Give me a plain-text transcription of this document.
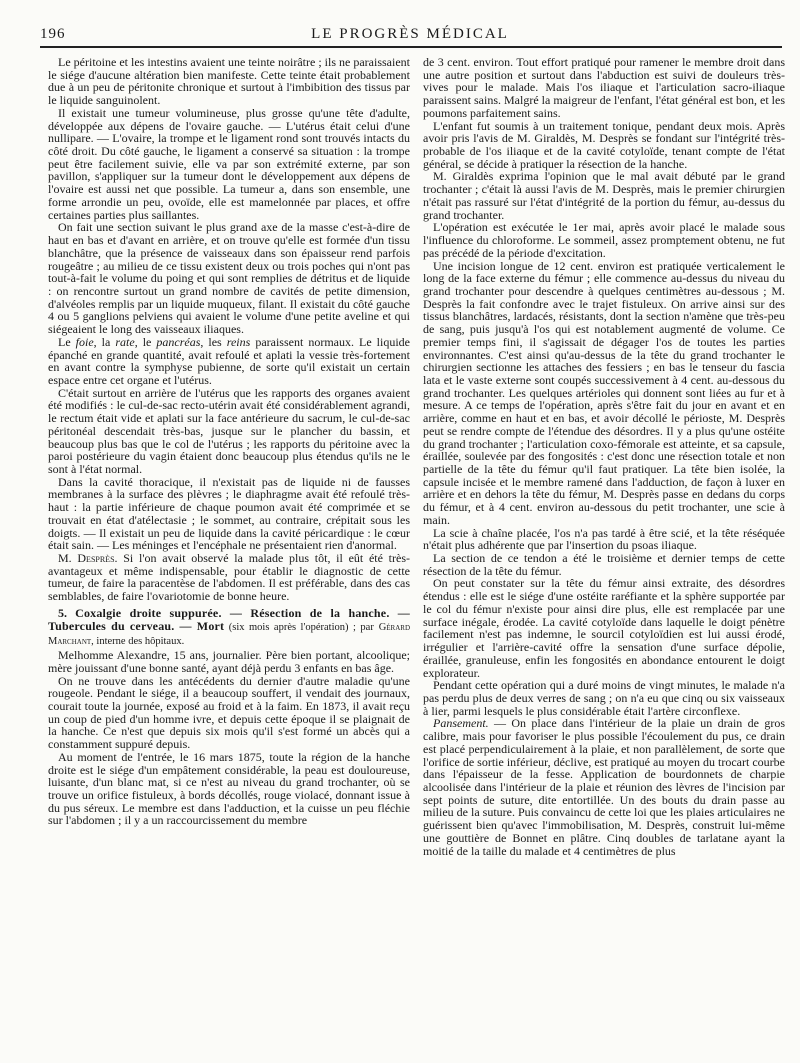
196	LE PROGRÈS MÉDICAL

Le péritoine et les intestins avaient une teinte noirâtre ; ils ne paraissaient le siége d'aucune altération bien manifeste. Cette teinte était probablement due à un peu de péritonite chronique et surtout à l'imbibition des tissus par le liquide sanguinolent.

Il existait une tumeur volumineuse, plus grosse qu'une tête d'adulte, développée aux dépens de l'ovaire gauche. — L'utérus était celui d'une nullipare. — L'ovaire, la trompe et le ligament rond sont trouvés intacts du côté droit. Du côté gauche, le ligament a conservé sa situation : la trompe peut être facilement suivie, elle va par son extrémité externe, par son pavillon, s'appliquer sur la tumeur dont le développement aux dépens de l'ovaire est aussi net que possible. La tumeur a, dans son ensemble, une forme arrondie un peu, ovoïde, elle est mamelonnée par places, et offre certaines parties plus saillantes.

On fait une section suivant le plus grand axe de la masse c'est-à-dire de haut en bas et d'avant en arrière, et on trouve qu'elle est formée d'un tissu blanchâtre, que la présence de vaisseaux dans son épaisseur rend parfois rougeâtre ; au milieu de ce tissu existent deux ou trois poches qui n'ont pas tout-à-fait le volume du poing et qui sont remplies de détritus et de liquide : on rencontre surtout un grand nombre de cavités de petite dimension, d'alvéoles remplis par un liquide muqueux, filant. Il existait du côté gauche 4 ou 5 ganglions pelviens qui avaient le volume d'une petite aveline et qui siégeaient le long des vaisseaux iliaques.

Le foie, la rate, le pancréas, les reins paraissent normaux. Le liquide épanché en grande quantité, avait refoulé et aplati la vessie très-fortement en avant contre la symphyse pubienne, de sorte qu'il existait un certain espace entre cet organe et l'utérus.

C'était surtout en arrière de l'utérus que les rapports des organes avaient été modifiés : le cul-de-sac recto-utérin avait été considérablement agrandi, le rectum était vide et aplati sur la face antérieure du sacrum, le cul-de-sac péritonéal descendait très-bas, jusque sur le plancher du bassin, et beaucoup plus bas que le col de l'utérus ; les rapports du péritoine avec la paroi postérieure du vagin étaient donc beaucoup plus étendus qu'ils ne le sont à l'état normal.

Dans la cavité thoracique, il n'existait pas de liquide ni de fausses membranes à la surface des plèvres ; le diaphragme avait été refoulé très-haut : la partie inférieure de chaque poumon avait été comprimée et se trouvait en état d'atélectasie ; le sommet, au contraire, crépitait sous les doigts. — Il existait un peu de liquide dans la cavité péricardique : le cœur était sain. — Les méninges et l'encéphale ne présentaient rien d'anormal.

M. Desprès. Si l'on avait observé la malade plus tôt, il eût été très-avantageux et même indispensable, pour établir le diagnostic de cette tumeur, de faire la paracentèse de l'abdomen. Il est préférable, dans des cas semblables, de faire l'ovariotomie de bonne heure.

5. Coxalgie droite suppurée. — Résection de la hanche. — Tubercules du cerveau. — Mort (six mois après l'opération) ; par Gérard Marchant, interne des hôpitaux.

Melhomme Alexandre, 15 ans, journalier. Père bien portant, alcoolique; mère jouissant d'une bonne santé, ayant déjà perdu 3 enfants en bas âge.

On ne trouve dans les antécédents du dernier d'autre maladie qu'une rougeole. Pendant le siége, il a beaucoup souffert, il vendait des journaux, courait toute la journée, exposé au froid et à la faim. En 1873, il avait reçu un coup de pied d'un homme ivre, et depuis cette époque il se plaignait de la hanche. Ce n'est que depuis six mois qu'il s'est formé un abcès qui a constamment suppuré depuis.

Au moment de l'entrée, le 16 mars 1875, toute la région de la hanche droite est le siége d'un empâtement considérable, la peau est douloureuse, luisante, d'un blanc mat, si ce n'est au niveau du grand trochanter, où se trouve un orifice fistuleux, à bords décollés, rouge violacé, donnant issue à du pus séreux. Le membre est dans l'adduction, et la cuisse un peu fléchie sur l'abdomen ; il y a un raccourcissement du membre

de 3 cent. environ. Tout effort pratiqué pour ramener le membre droit dans une autre position et surtout dans l'abduction est suivi de douleurs très-vives pour le malade. Mais l'os iliaque et l'articulation sacro-iliaque paraissent sains. Malgré la maigreur de l'enfant, l'état général est bon, et les poumons parfaitement sains.

L'enfant fut soumis à un traitement tonique, pendant deux mois. Après avoir pris l'avis de M. Giraldès, M. Desprès se fondant sur l'intégrité très-probable de l'os iliaque et de la cavité cotyloïde, tenant compte de l'état général, se décide à pratiquer la résection de la hanche.

M. Giraldès exprima l'opinion que le mal avait débuté par le grand trochanter ; c'était là aussi l'avis de M. Desprès, mais le premier chirurgien n'était pas rassuré sur l'état d'intégrité de la portion du fémur, au-dessus du grand trochanter.

L'opération est exécutée le 1er mai, après avoir placé le malade sous l'influence du chloroforme. Le sommeil, assez promptement obtenu, ne fut pas précédé de la période d'excitation.

Une incision longue de 12 cent. environ est pratiquée verticalement le long de la face externe du fémur ; elle commence au-dessus du niveau du grand trochanter pour descendre à quelques centimètres au-dessous ; M. Desprès la fait confondre avec le trajet fistuleux. On arrive ainsi sur des tissus blanchâtres, lardacés, résistants, dont la section n'amène que très-peu de sang, puis jusqu'à l'os qui est notablement augmenté de volume. Ce premier temps fini, il s'agissait de dégager l'os de toutes les parties environnantes. C'est ainsi qu'au-dessus de la tête du grand trochanter le chirurgien sectionne les attaches des fessiers ; en bas le tenseur du fascia lata et le vaste externe sont coupés successivement à 4 cent. au-dessous du grand trochanter. Les quelques artérioles qui donnent sont liées au fur et à mesure. A ce temps de l'opération, après s'être fait du jour en avant et en arrière, comme en haut et en bas, et avoir décollé le périoste, M. Desprès peut se rendre compte de l'étendue des désordres. Il y a plus qu'une ostéite du grand trochanter ; l'articulation coxo-fémorale est atteinte, et sa capsule, éraillée, soulevée par des fongosités : c'est donc une résection totale et non partielle de la tête du fémur qu'il faut pratiquer. La tête bien isolée, la capsule incisée et le membre ramené dans l'adduction, de façon à luxer en arrière et en dehors la tête du fémur, M. Desprès passe en dedans du corps du fémur, et à 4 cent. environ au-dessous du petit trochanter, une scie à main.

La scie à chaîne placée, l'os n'a pas tardé à être scié, et la tête réséquée n'était plus adhérente que par l'insertion du psoas iliaque.

La section de ce tendon a été le troisième et dernier temps de cette résection de la tête du fémur.

On peut constater sur la tête du fémur ainsi extraite, des désordres étendus : elle est le siége d'une ostéite raréfiante et la sphère supportée par le col du fémur n'existe pour ainsi dire plus, elle est remplacée par une surface inégale, érodée. La cavité cotyloïde dans laquelle le doigt pénètre facilement n'est pas indemne, le sourcil cotyloïdien est lui aussi érodé, irrégulier et l'arrière-cavité offre la sensation d'une surface dépolie, éraillée, granuleuse, enfin les fongosités en abondance entourent le doigt explorateur.

Pendant cette opération qui a duré moins de vingt minutes, le malade n'a pas perdu plus de deux verres de sang ; on n'a eu que cinq ou six vaisseaux à lier, parmi lesquels le plus considérable était l'artère circonflexe.

Pansement. — On place dans l'intérieur de la plaie un drain de gros calibre, mais pour favoriser le plus possible l'écoulement du pus, ce drain est placé perpendiculairement à la plaie, et non parallèlement, de sorte que l'orifice de sortie inférieur, déclive, est pratiqué au moyen du trocart courbe dans l'épaisseur de la fesse. Application de bourdonnets de charpie alcoolisée dans l'intérieur de la plaie et réunion des lèvres de l'incision par sept points de suture, dite entortillée. Un des bouts du drain passe au milieu de la suture. Puis convaincu de cette loi que les plaies articulaires ne guérissent bien qu'avec l'immobilisation, M. Desprès, construit lui-même une gouttière de Bonnet en plâtre. Cinq doubles de tarlatane ayant la moitié de la taille du malade et 4 centimètres de plus
